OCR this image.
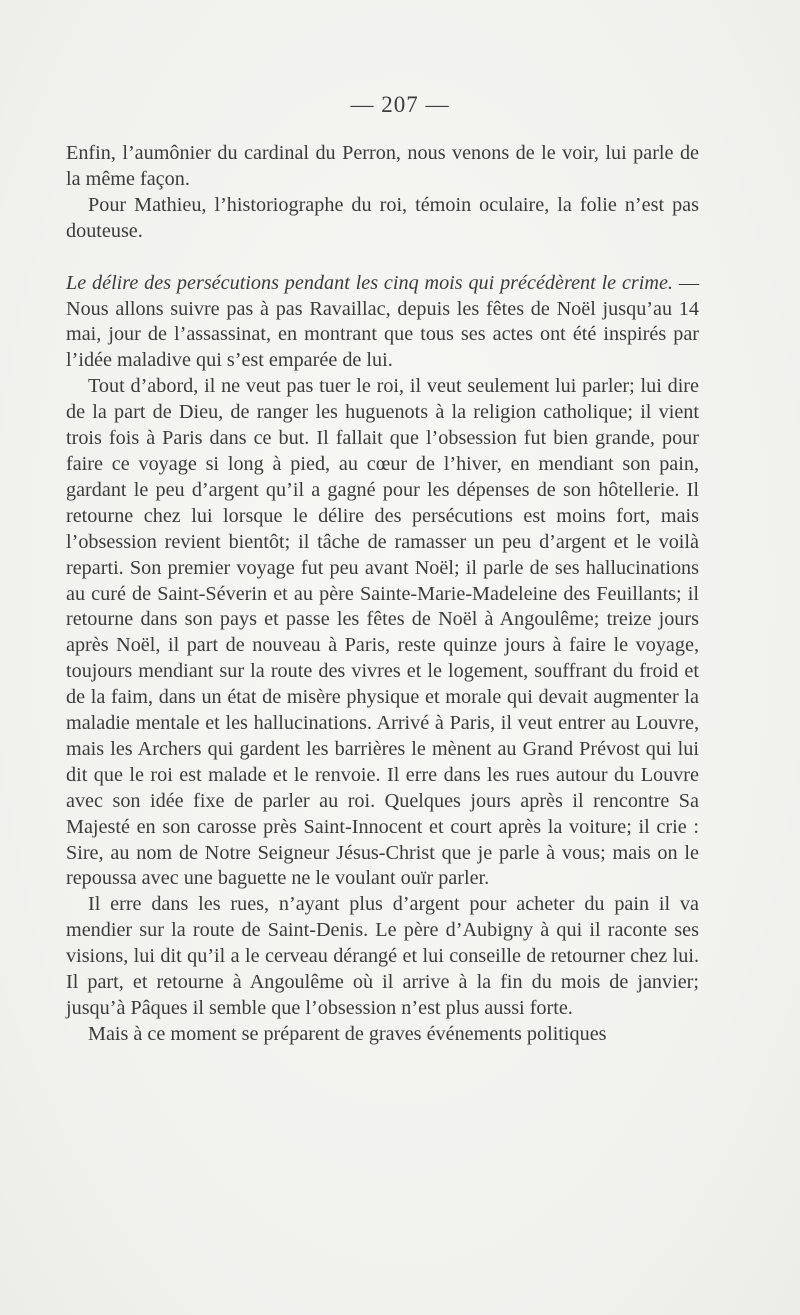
— 207 —

Enfin, l’aumônier du cardinal du Perron, nous venons de le voir, lui parle de la même façon.

Pour Mathieu, l’historiographe du roi, témoin oculaire, la folie n’est pas douteuse.

Le délire des persécutions pendant les cinq mois qui précédèrent le crime. — Nous allons suivre pas à pas Ravaillac, depuis les fêtes de Noël jusqu’au 14 mai, jour de l’assassinat, en montrant que tous ses actes ont été inspirés par l’idée maladive qui s’est emparée de lui.

Tout d’abord, il ne veut pas tuer le roi, il veut seulement lui parler; lui dire de la part de Dieu, de ranger les huguenots à la religion catholique; il vient trois fois à Paris dans ce but. Il fallait que l’obsession fut bien grande, pour faire ce voyage si long à pied, au cœur de l’hiver, en mendiant son pain, gardant le peu d’argent qu’il a gagné pour les dépenses de son hôtellerie. Il retourne chez lui lorsque le délire des persécutions est moins fort, mais l’obsession revient bientôt; il tâche de ramasser un peu d’argent et le voilà reparti. Son premier voyage fut peu avant Noël; il parle de ses hallucinations au curé de Saint-Séverin et au père Sainte-Marie-Madeleine des Feuillants; il retourne dans son pays et passe les fêtes de Noël à Angoulême; treize jours après Noël, il part de nouveau à Paris, reste quinze jours à faire le voyage, toujours mendiant sur la route des vivres et le logement, souffrant du froid et de la faim, dans un état de misère physique et morale qui devait augmenter la maladie mentale et les hallucinations. Arrivé à Paris, il veut entrer au Louvre, mais les Archers qui gardent les barrières le mènent au Grand Prévost qui lui dit que le roi est malade et le renvoie. Il erre dans les rues autour du Louvre avec son idée fixe de parler au roi. Quelques jours après il rencontre Sa Majesté en son carosse près Saint-Innocent et court après la voiture; il crie : Sire, au nom de Notre Seigneur Jésus-Christ que je parle à vous; mais on le repoussa avec une baguette ne le voulant ouïr parler.

Il erre dans les rues, n’ayant plus d’argent pour acheter du pain il va mendier sur la route de Saint-Denis. Le père d’Aubigny à qui il raconte ses visions, lui dit qu’il a le cerveau dérangé et lui conseille de retourner chez lui. Il part, et retourne à Angoulême où il arrive à la fin du mois de janvier; jusqu’à Pâques il semble que l’obsession n’est plus aussi forte.

Mais à ce moment se préparent de graves événements politiques
